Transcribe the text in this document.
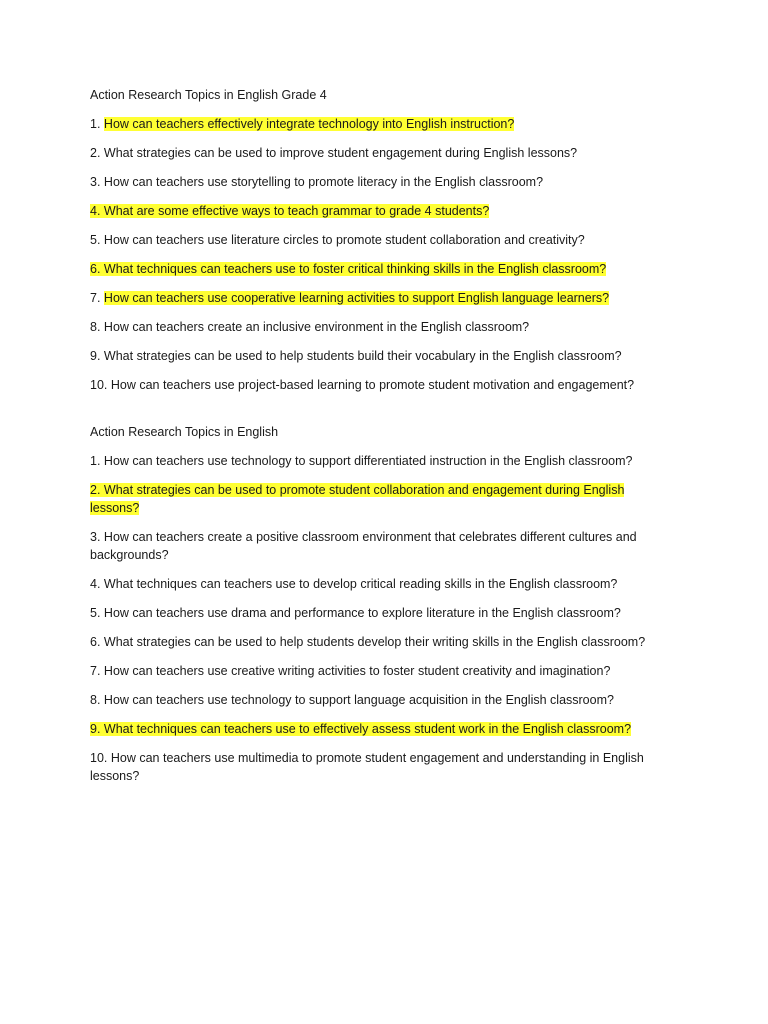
Action Research Topics in English Grade 4
1. How can teachers effectively integrate technology into English instruction?
2. What strategies can be used to improve student engagement during English lessons?
3. How can teachers use storytelling to promote literacy in the English classroom?
4. What are some effective ways to teach grammar to grade 4 students?
5. How can teachers use literature circles to promote student collaboration and creativity?
6. What techniques can teachers use to foster critical thinking skills in the English classroom?
7. How can teachers use cooperative learning activities to support English language learners?
8. How can teachers create an inclusive environment in the English classroom?
9. What strategies can be used to help students build their vocabulary in the English classroom?
10. How can teachers use project-based learning to promote student motivation and engagement?
Action Research Topics in English
1. How can teachers use technology to support differentiated instruction in the English classroom?
2. What strategies can be used to promote student collaboration and engagement during English lessons?
3. How can teachers create a positive classroom environment that celebrates different cultures and backgrounds?
4. What techniques can teachers use to develop critical reading skills in the English classroom?
5. How can teachers use drama and performance to explore literature in the English classroom?
6. What strategies can be used to help students develop their writing skills in the English classroom?
7. How can teachers use creative writing activities to foster student creativity and imagination?
8. How can teachers use technology to support language acquisition in the English classroom?
9. What techniques can teachers use to effectively assess student work in the English classroom?
10. How can teachers use multimedia to promote student engagement and understanding in English lessons?
